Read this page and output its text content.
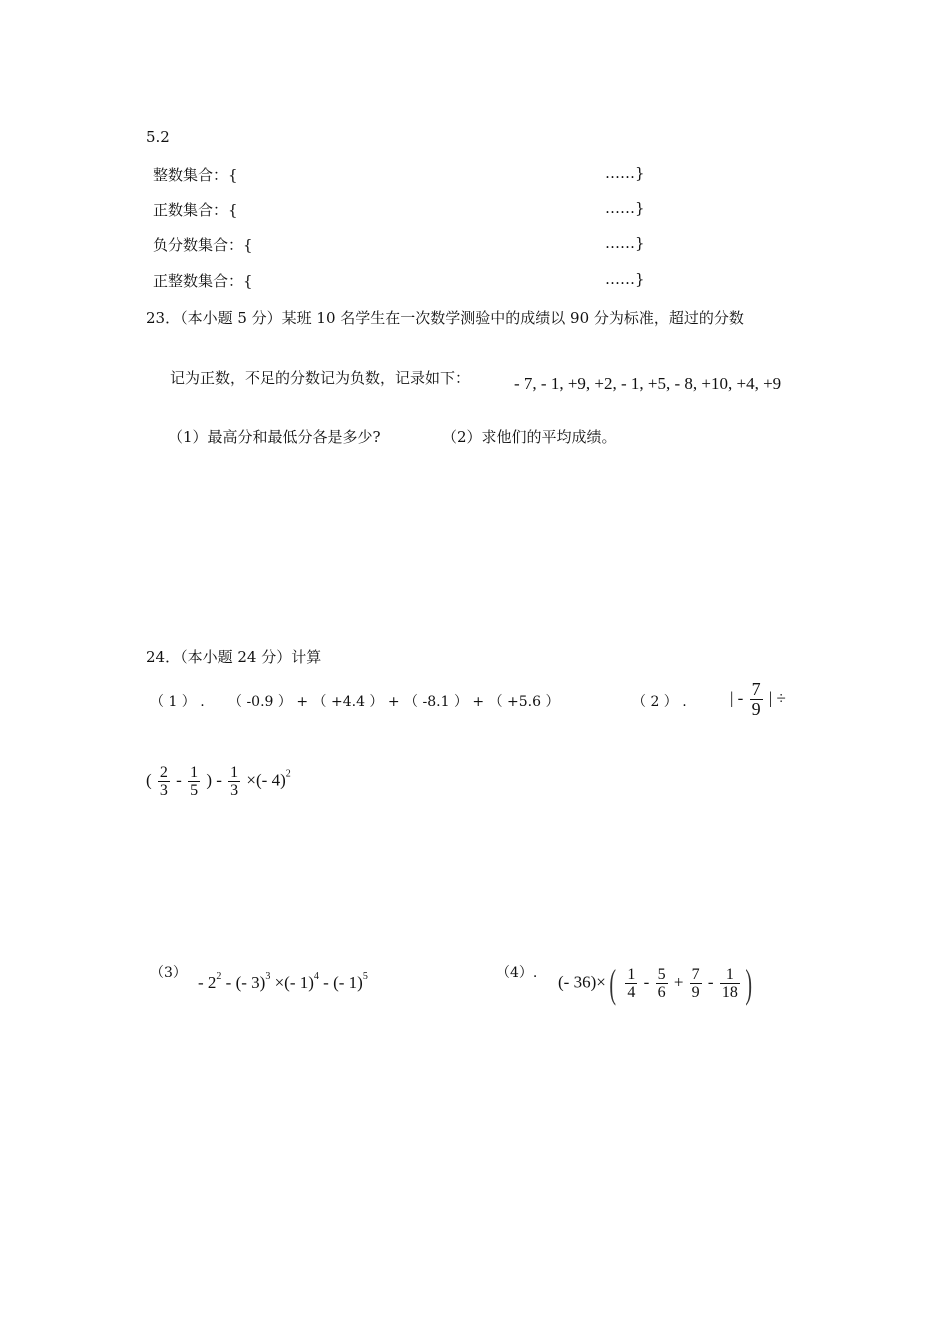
5.2
整数集合：{	……}
正数集合：{	……}
负分数集合：{	……}
正整数集合：{	……}
23．（本小题 5 分）某班 10 名学生在一次数学测验中的成绩以 90 分为标准，超过的分数
记为正数，不足的分数记为负数，记录如下：	- 7, - 1, +9, +2, - 1, +5, - 8, +10, +4, +9
（1）最高分和最低分各是多少?	（2）求他们的平均成绩。
24．（本小题 24 分）计算
（ 1 ） . （ -0.9 ） + （ +4.4 ） + （ -8.1 ） + （ +5.6 ）	（ 2 ） .	| - $\frac{7}{9}$ | ÷
( $\frac{2}{3} - \frac{1}{5}$ ) - $\frac{1}{3}$ ×(- 4)$^2$
$(3) - 2^2$ - (- 3)$^3$ ×(- 1)$^4$ - (- 1)$^5$	（4）. (- $36)\times( \frac{1}{4} - \frac{5}{6} + \frac{7}{9} - \frac{1}{18}$ )
